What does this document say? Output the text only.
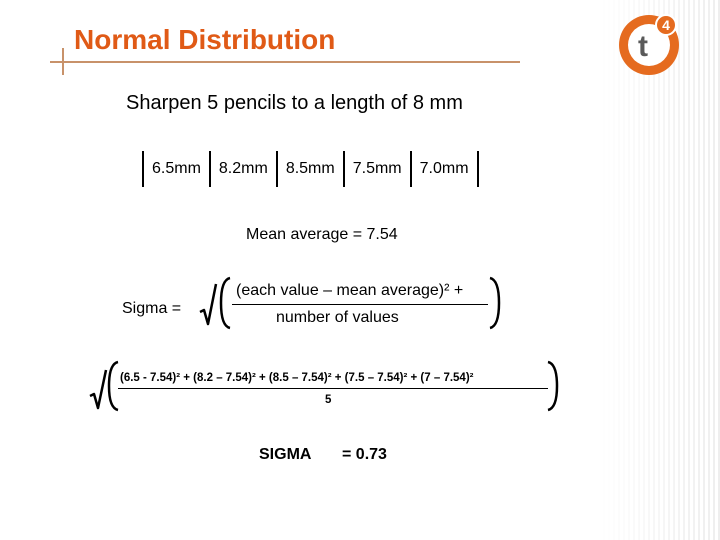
t
4
Normal Distribution
Sharpen 5 pencils to a length of 8 mm
6.5mm	8.2mm	8.5mm	7.5mm	7.0mm
Mean average = 7.54
Sigma =
(each value – mean average)² +
number of values
(6.5 - 7.54)² + (8.2 – 7.54)² + (8.5 – 7.54)² + (7.5 – 7.54)² + (7 – 7.54)²
5
SIGMA = 0.73
